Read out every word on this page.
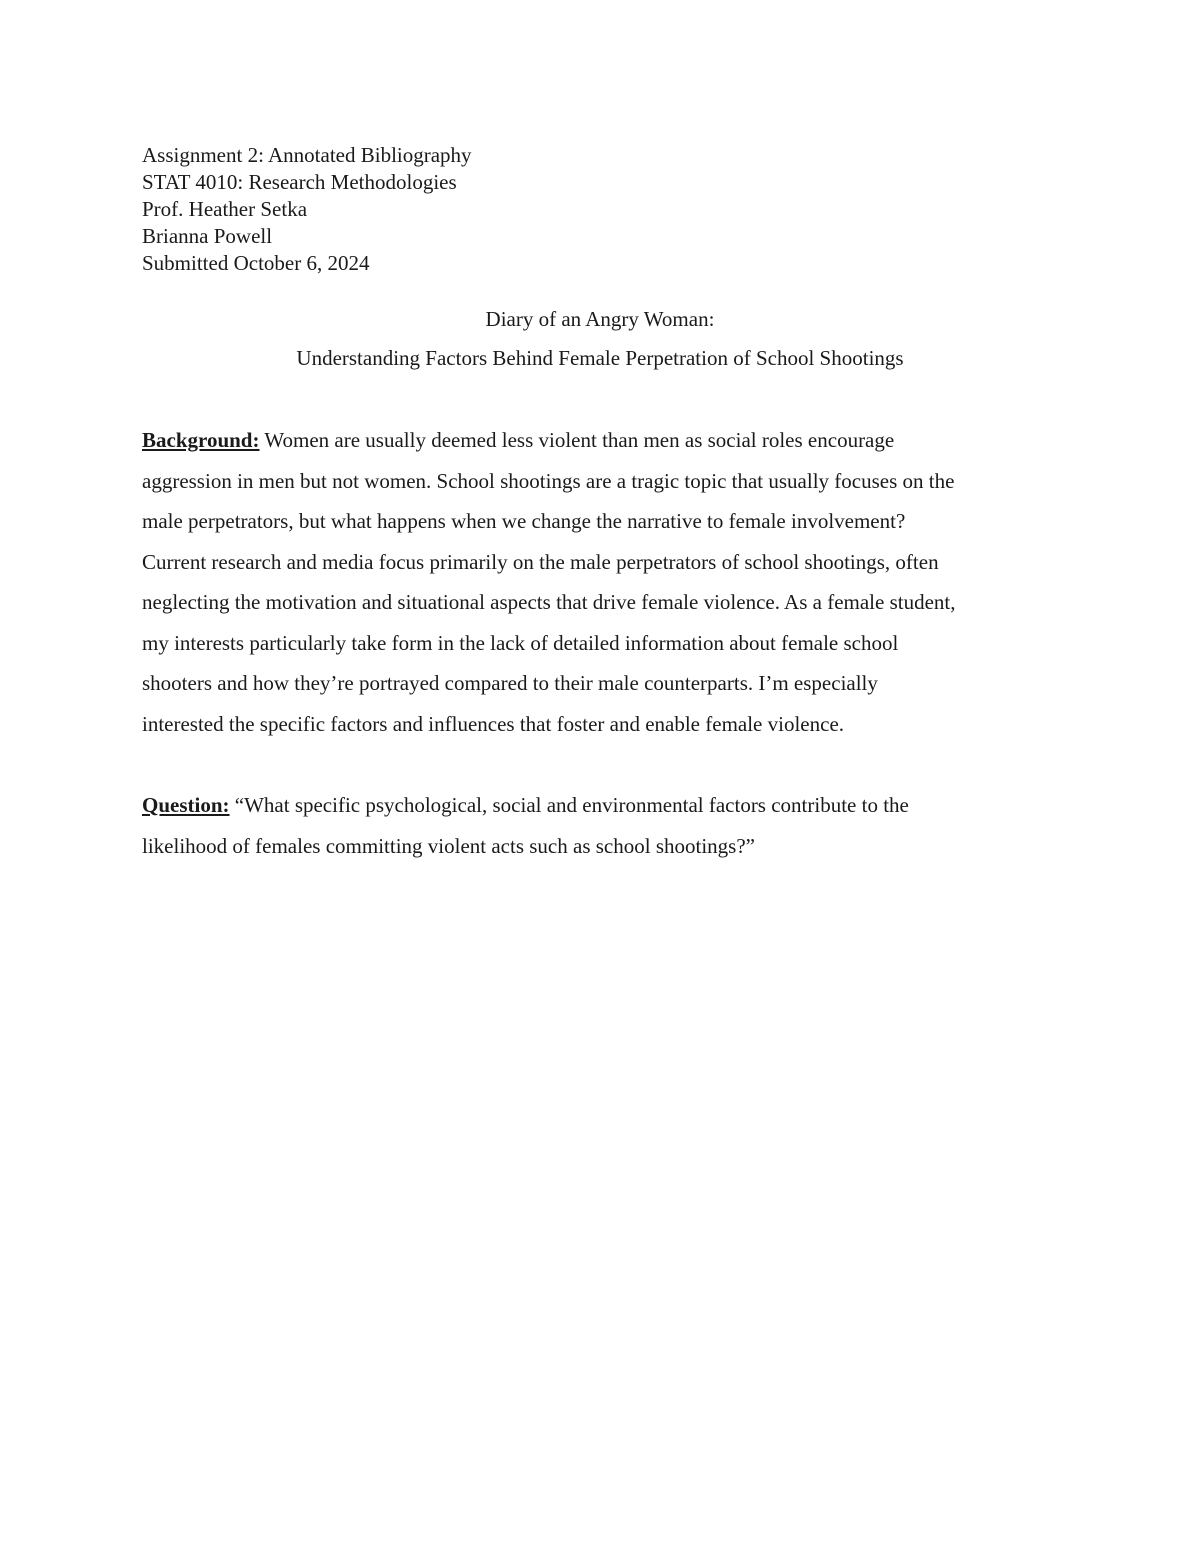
Assignment 2: Annotated Bibliography
STAT 4010: Research Methodologies
Prof. Heather Setka
Brianna Powell
Submitted October 6, 2024
Diary of an Angry Woman:
Understanding Factors Behind Female Perpetration of School Shootings
Background: Women are usually deemed less violent than men as social roles encourage
aggression in men but not women. School shootings are a tragic topic that usually focuses on the
male perpetrators, but what happens when we change the narrative to female involvement?
Current research and media focus primarily on the male perpetrators of school shootings, often
neglecting the motivation and situational aspects that drive female violence. As a female student,
my interests particularly take form in the lack of detailed information about female school
shooters and how they’re portrayed compared to their male counterparts. I’m especially
interested the specific factors and influences that foster and enable female violence.
Question: “What specific psychological, social and environmental factors contribute to the
likelihood of females committing violent acts such as school shootings?”
